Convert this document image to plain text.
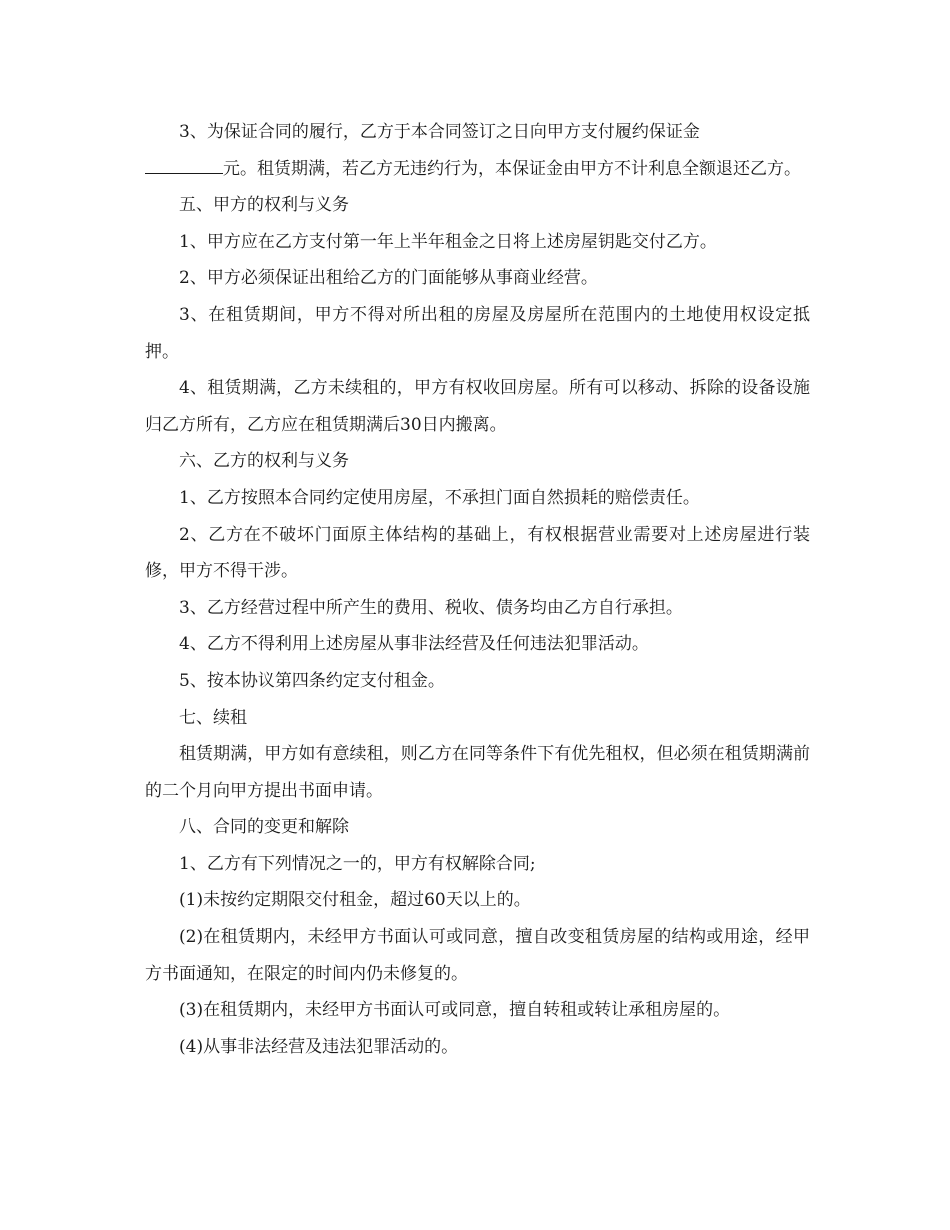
3、为保证合同的履行，乙方于本合同签订之日向甲方支付履约保证金

元。租赁期满，若乙方无违约行为，本保证金由甲方不计利息全额退还乙方。

五、甲方的权利与义务

1、甲方应在乙方支付第一年上半年租金之日将上述房屋钥匙交付乙方。

2、甲方必须保证出租给乙方的门面能够从事商业经营。

3、在租赁期间，甲方不得对所出租的房屋及房屋所在范围内的土地使用权设定抵押。

4、租赁期满，乙方未续租的，甲方有权收回房屋。所有可以移动、拆除的设备设施归乙方所有，乙方应在租赁期满后30日内搬离。

六、乙方的权利与义务

1、乙方按照本合同约定使用房屋，不承担门面自然损耗的赔偿责任。

2、乙方在不破坏门面原主体结构的基础上，有权根据营业需要对上述房屋进行装修，甲方不得干涉。

3、乙方经营过程中所产生的费用、税收、债务均由乙方自行承担。

4、乙方不得利用上述房屋从事非法经营及任何违法犯罪活动。

5、按本协议第四条约定支付租金。

七、续租

租赁期满，甲方如有意续租，则乙方在同等条件下有优先租权，但必须在租赁期满前的二个月向甲方提出书面申请。

八、合同的变更和解除

1、乙方有下列情况之一的，甲方有权解除合同;

(1)未按约定期限交付租金，超过60天以上的。

(2)在租赁期内，未经甲方书面认可或同意，擅自改变租赁房屋的结构或用途，经甲方书面通知，在限定的时间内仍未修复的。

(3)在租赁期内，未经甲方书面认可或同意，擅自转租或转让承租房屋的。

(4)从事非法经营及违法犯罪活动的。
